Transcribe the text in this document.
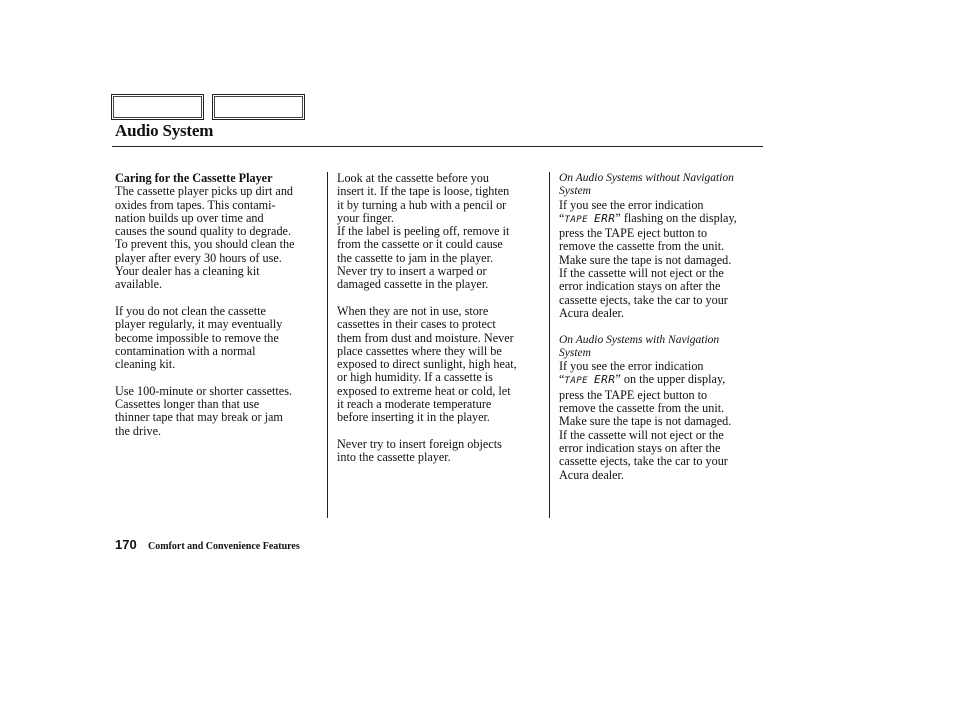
Audio System

Caring for the Cassette Player

The cassette player picks up dirt and
oxides from tapes. This contami-
nation builds up over time and
causes the sound quality to degrade.
To prevent this, you should clean the
player after every 30 hours of use.
Your dealer has a cleaning kit
available.

If you do not clean the cassette
player regularly, it may eventually
become impossible to remove the
contamination with a normal
cleaning kit.

Use 100-minute or shorter cassettes.
Cassettes longer than that use
thinner tape that may break or jam
the drive.

Look at the cassette before you
insert it. If the tape is loose, tighten
it by turning a hub with a pencil or
your finger.

If the label is peeling off, remove it
from the cassette or it could cause
the cassette to jam in the player.
Never try to insert a warped or
damaged cassette in the player.

When they are not in use, store
cassettes in their cases to protect
them from dust and moisture. Never
place cassettes where they will be
exposed to direct sunlight, high heat,
or high humidity. If a cassette is
exposed to extreme heat or cold, let
it reach a moderate temperature
before inserting it in the player.

Never try to insert foreign objects
into the cassette player.

On Audio Systems without Navigation
System

If you see the error indication
“TAPE ERR” flashing on the display,
press the TAPE eject button to
remove the cassette from the unit.
Make sure the tape is not damaged.
If the cassette will not eject or the
error indication stays on after the
cassette ejects, take the car to your
Acura dealer.

On Audio Systems with Navigation
System

If you see the error indication
“TAPE ERR” on the upper display,
press the TAPE eject button to
remove the cassette from the unit.
Make sure the tape is not damaged.
If the cassette will not eject or the
error indication stays on after the
cassette ejects, take the car to your
Acura dealer.

170 Comfort and Convenience Features
